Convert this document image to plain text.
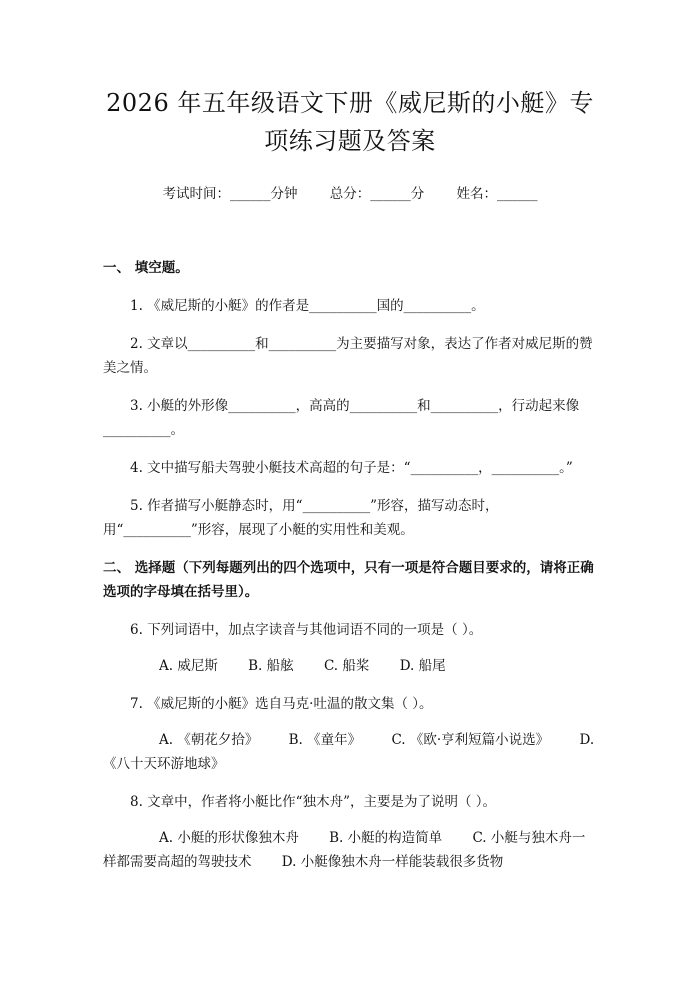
2026 年五年级语文下册《威尼斯的小艇》专项练习题及答案
考试时间：______分钟 总分：______分 姓名：______
一、 填空题。
1. 《威尼斯的小艇》的作者是__________国的__________。
2. 文章以__________和__________为主要描写对象，表达了作者对威尼斯的赞美之情。
3. 小艇的外形像__________，高高的__________和__________，行动起来像__________。
4. 文中描写船夫驾驶小艇技术高超的句子是：“__________，__________。”
5. 作者描写小艇静态时，用“__________”形容，描写动态时，用“__________”形容，展现了小艇的实用性和美观。
二、 选择题（下列每题列出的四个选项中，只有一项是符合题目要求的，请将正确选项的字母填在括号里）。
6. 下列词语中，加点字读音与其他词语不同的一项是（ ）。
A. 威尼斯 B. 船舷 C. 船桨 D. 船尾
7. 《威尼斯的小艇》选自马克·吐温的散文集（ ）。
A. 《朝花夕拾》 B. 《童年》 C. 《欧·亨利短篇小说选》 D. 《八十天环游地球》
8. 文章中，作者将小艇比作“独木舟”，主要是为了说明（ ）。
A. 小艇的形状像独木舟 B. 小艇的构造简单 C. 小艇与独木舟一样都需要高超的驾驶技术 D. 小艇像独木舟一样能装载很多货物
